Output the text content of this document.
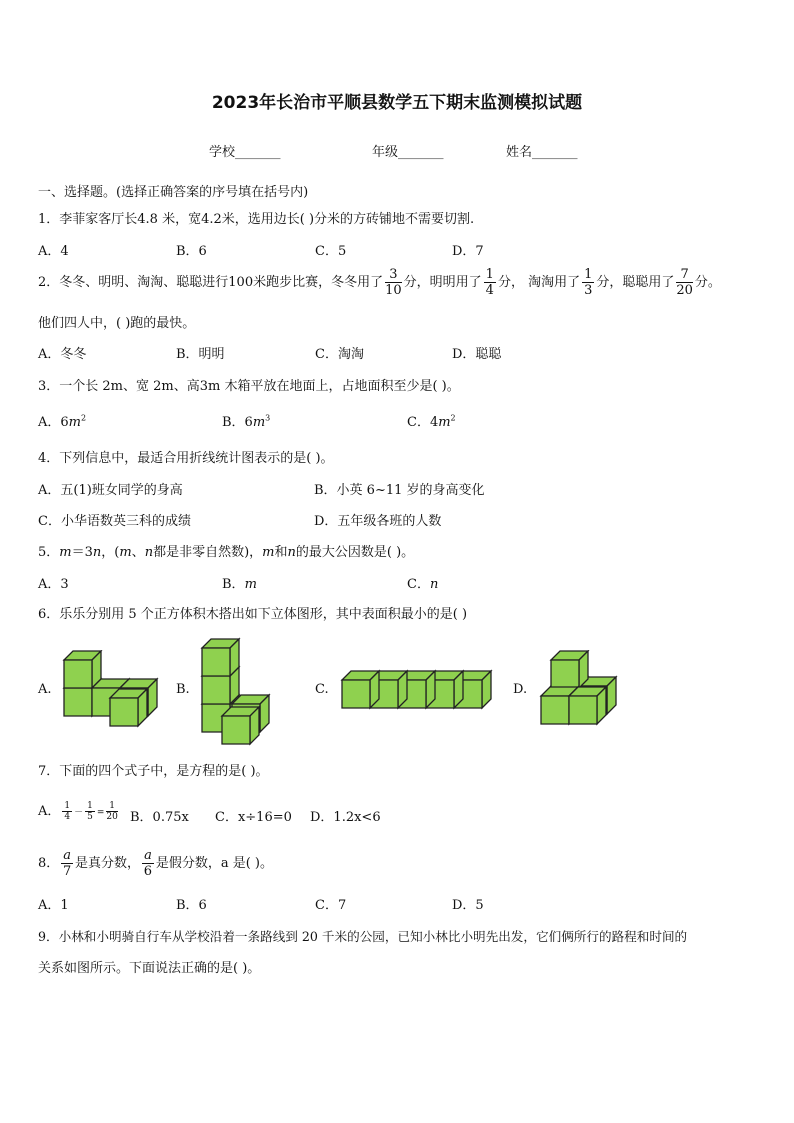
2023年长治市平顺县数学五下期末监测模拟试题
学校_______	年级_______	姓名_______
一、选择题。(选择正确答案的序号填在括号内)
1．李菲家客厅长4.8 米，宽4.2米，选用边长( )分米的方砖铺地不需要切割.
A．4	B．6	C．5	D．7
2．冬冬、明明、淘淘、聪聪进行100米跑步比赛，冬冬用了 $\frac{3}{10}$ 分，明明用了 $\frac{1}{4}$ 分， 淘淘用了 $\frac{1}{3}$ 分，聪聪用了 $\frac{7}{20}$ 分。
他们四人中，( )跑的最快。
A．冬冬	B．明明	C．淘淘	D．聪聪
3．一个长 2m、宽 2m、高3m 木箱平放在地面上，占地面积至少是( )。
A．$6m^2$	B．$6m^3$	C．$4m^2$
4．下列信息中，最适合用折线统计图表示的是( )。
A．五(1)班女同学的身高	B．小英 6~11 岁的身高变化
C．小华语数英三科的成绩	D．五年级各班的人数
5．m＝3n，(m、n都是非零自然数)，m和n的最大公因数是( )。
A．3	B．m	C．n
6．乐乐分别用 5 个正方体积木搭出如下立体图形，其中表面积最小的是( )
A.	B.	C.	D.
7．下面的四个式子中，是方程的是( )。
A． $\frac{1}{4} - \frac{1}{5} = \frac{1}{20}$ B．0.75x C．x÷16=0 D．1.2x<6
8． $\frac{a}{7}$ 是真分数， $\frac{a}{6}$ 是假分数，a 是( )。
A．1	B．6	C．7	D．5
9．小林和小明骑自行车从学校沿着一条路线到 20 千米的公园，已知小林比小明先出发，它们俩所行的路程和时间的
关系如图所示。下面说法正确的是( )。
